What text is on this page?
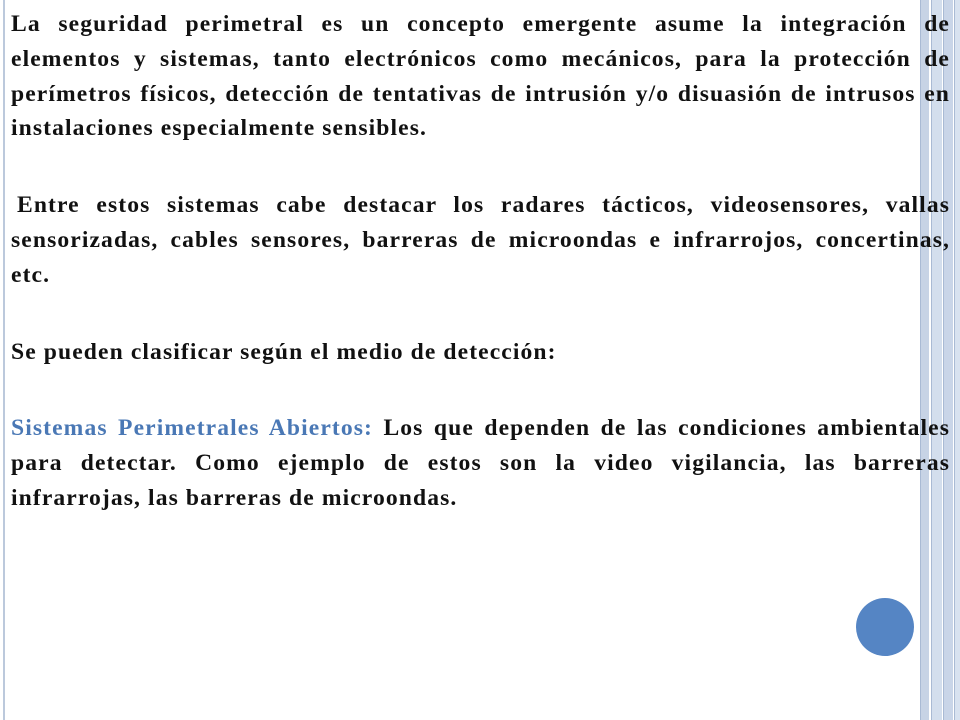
La seguridad perimetral es un concepto emergente asume la integración de elementos y sistemas, tanto electrónicos como mecánicos, para la protección de perímetros físicos, detección de tentativas de intrusión y/o disuasión de intrusos en instalaciones especialmente sensibles.

Entre estos sistemas cabe destacar los radares tácticos, videosensores, vallas sensorizadas, cables sensores, barreras de microondas e infrarrojos, concertinas, etc.

Se pueden clasificar según el medio de detección:

Sistemas Perimetrales Abiertos: Los que dependen de las condiciones ambientales para detectar. Como ejemplo de estos son la video vigilancia, las barreras infrarrojas, las barreras de microondas.
